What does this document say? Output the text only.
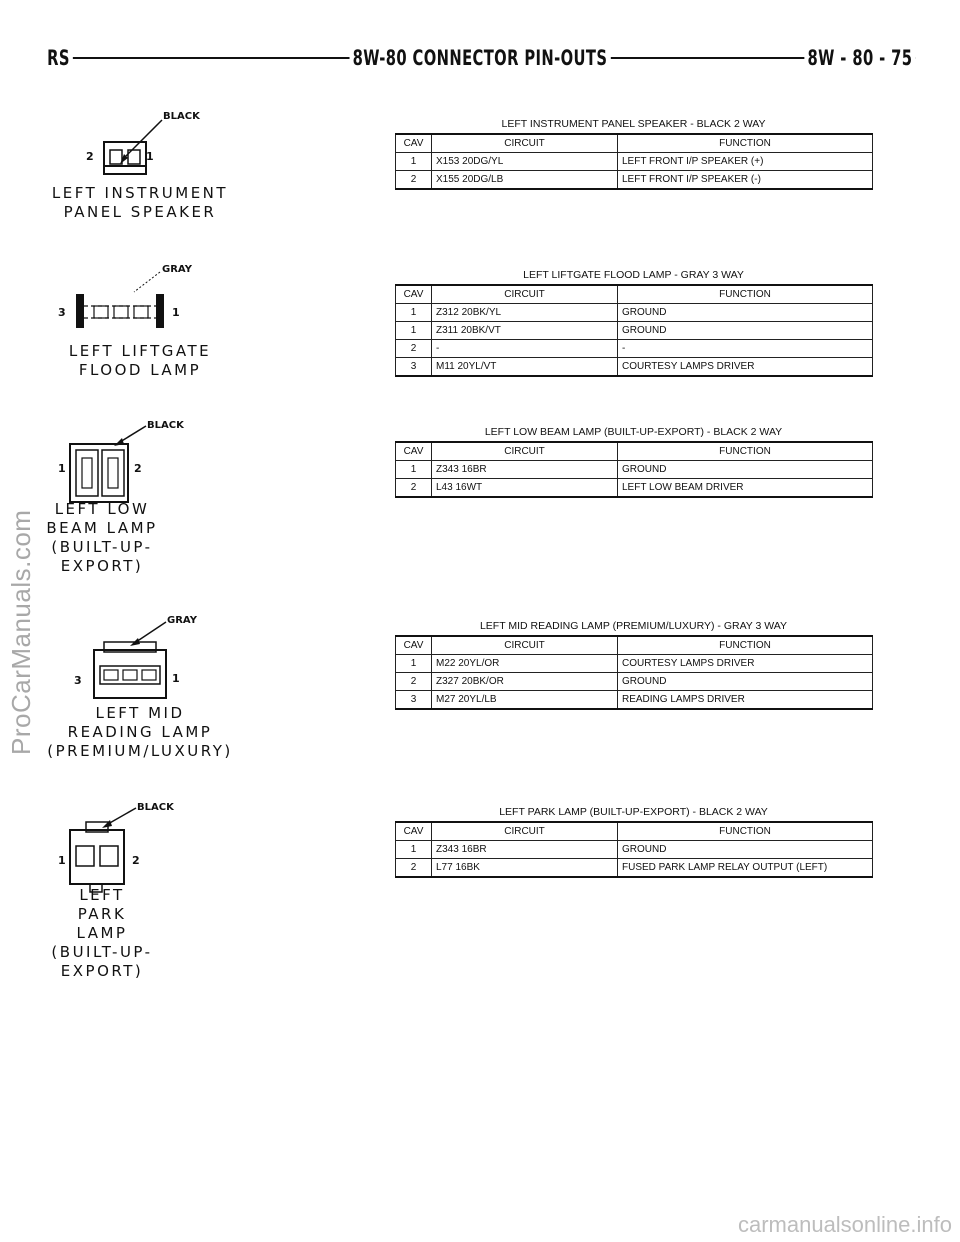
RS	8W-80 CONNECTOR PIN-OUTS	8W - 80 - 75
LEFT INSTRUMENT PANEL SPEAKER - BLACK 2 WAY
CAV	CIRCUIT	FUNCTION
1	X153 20DG/YL	LEFT FRONT I/P SPEAKER (+)
2	X155 20DG/LB	LEFT FRONT I/P SPEAKER (-)
BLACK
2	1
LEFT INSTRUMENT
PANEL SPEAKER
LEFT LIFTGATE FLOOD LAMP - GRAY 3 WAY
CAV	CIRCUIT	FUNCTION
1	Z312 20BK/YL	GROUND
1	Z311 20BK/VT	GROUND
2	-	-
3	M11 20YL/VT	COURTESY LAMPS DRIVER
GRAY
3	1
LEFT LIFTGATE
FLOOD LAMP
LEFT LOW BEAM LAMP (BUILT-UP-EXPORT) - BLACK 2 WAY
CAV	CIRCUIT	FUNCTION
1	Z343 16BR	GROUND
2	L43 16WT	LEFT LOW BEAM DRIVER
BLACK
1	2
LEFT LOW
BEAM LAMP
(BUILT-UP-
EXPORT)
LEFT MID READING LAMP (PREMIUM/LUXURY) - GRAY 3 WAY
CAV	CIRCUIT	FUNCTION
1	M22 20YL/OR	COURTESY LAMPS DRIVER
2	Z327 20BK/OR	GROUND
3	M27 20YL/LB	READING LAMPS DRIVER
GRAY
3	1
LEFT MID
READING LAMP
(PREMIUM/LUXURY)
LEFT PARK LAMP (BUILT-UP-EXPORT) - BLACK 2 WAY
CAV	CIRCUIT	FUNCTION
1	Z343 16BR	GROUND
2	L77 16BK	FUSED PARK LAMP RELAY OUTPUT (LEFT)
BLACK
1	2
LEFT
PARK
LAMP
(BUILT-UP-
EXPORT)
ProCarManuals.com
carmanualsonline.info
